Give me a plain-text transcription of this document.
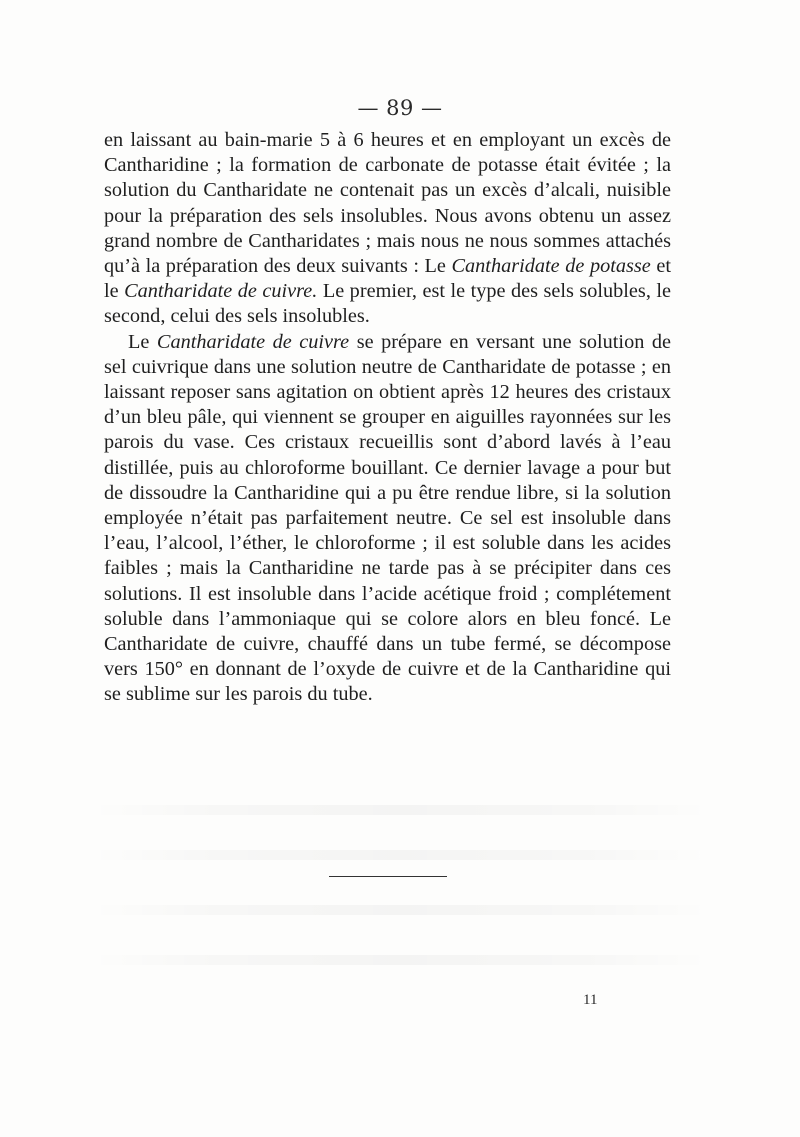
— 89 —

en laissant au bain-marie 5 à 6 heures et en employant un excès de Cantharidine ; la formation de carbonate de potasse était évitée ; la solution du Cantharidate ne contenait pas un excès d’alcali, nuisible pour la préparation des sels insolubles. Nous avons obtenu un assez grand nombre de Cantharidates ; mais nous ne nous sommes attachés qu’à la préparation des deux suivants : Le Cantharidate de potasse et le Cantharidate de cuivre. Le premier, est le type des sels solubles, le second, celui des sels insolubles.

Le Cantharidate de cuivre se prépare en versant une solution de sel cuivrique dans une solution neutre de Cantharidate de potasse ; en laissant reposer sans agitation on obtient après 12 heures des cristaux d’un bleu pâle, qui viennent se grouper en aiguilles rayonnées sur les parois du vase. Ces cristaux recueillis sont d’abord lavés à l’eau distillée, puis au chloroforme bouillant. Ce dernier lavage a pour but de dissoudre la Cantharidine qui a pu être rendue libre, si la solution employée n’était pas parfaitement neutre. Ce sel est insoluble dans l’eau, l’alcool, l’éther, le chloroforme ; il est soluble dans les acides faibles ; mais la Cantharidine ne tarde pas à se précipiter dans ces solutions. Il est insoluble dans l’acide acétique froid ; complétement soluble dans l’ammoniaque qui se colore alors en bleu foncé. Le Cantharidate de cuivre, chauffé dans un tube fermé, se décompose vers 150° en donnant de l’oxyde de cuivre et de la Cantharidine qui se sublime sur les parois du tube.

11
